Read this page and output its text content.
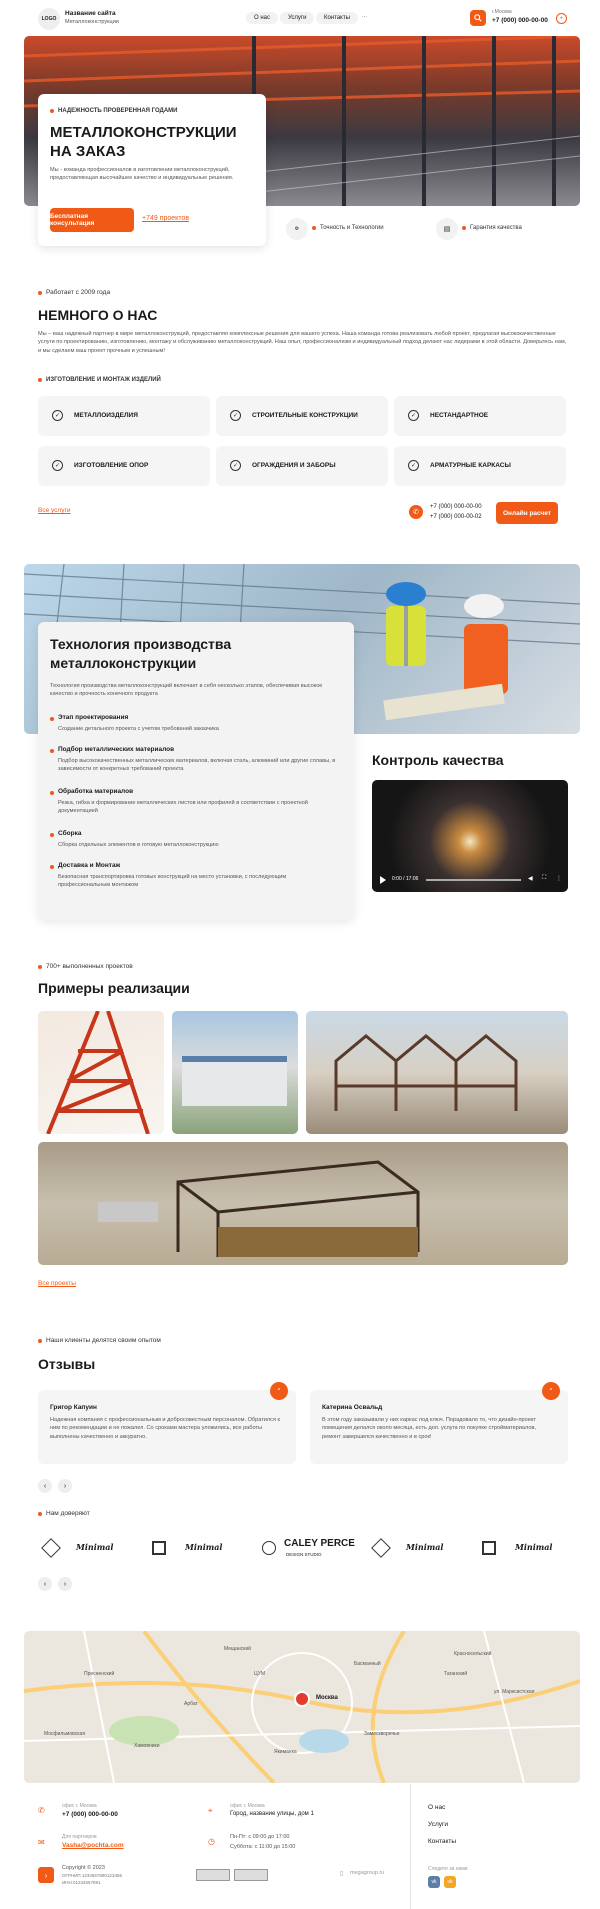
LOGO
Название сайта
Металлоконструкции
О нас	Услуги	Контакты	...
г.Москва
+7 (000) 000-00-00	+
НАДЕЖНОСТЬ ПРОВЕРЕННАЯ ГОДАМИ
МЕТАЛЛОКОНСТРУКЦИИ
НА ЗАКАЗ
Мы - команда профессионалов в изготовлении металлоконструкций, предоставляющая высочайшее качество и индивидуальные решения.
Бесплатная консультация
+749 проектов
⚙	Точность и Технологии	▤	Гарантия качества
Работает с 2009 года
НЕМНОГО О НАС
Мы – ваш надежный партнер в мире металлоконструкций, предоставляя комплексные решения для вашего успеха. Наша команда готова реализовать любой проект, предлагая высококачественные услуги по проектированию, изготовлению, монтажу и обслуживанию металлоконструкций. Наш опыт, профессионализм и индивидуальный подход делают нас лидерами в этой области. Доверьтесь нам, и мы сделаем ваш проект прочным и успешным!
ИЗГОТОВЛЕНИЕ И МОНТАЖ ИЗДЕЛИЙ
✓	МЕТАЛЛОИЗДЕЛИЯ	✓	СТРОИТЕЛЬНЫЕ КОНСТРУКЦИИ	✓	НЕСТАНДАРТНОЕ
✓	ИЗГОТОВЛЕНИЕ ОПОР	✓	ОГРАЖДЕНИЯ И ЗАБОРЫ	✓	АРМАТУРНЫЕ КАРКАСЫ
Все услуги	✆
+7 (000) 000-00-00
+7 (000) 000-00-02
Онлайн расчет
Технология производства
металлоконструкции
Технология производства металлоконструкций включает в себя несколько этапов, обеспечивая высокое качество и прочность конечного продукта
Этап проектирования
Создание детального проекта с учетом требований заказчика
Подбор металлических материалов
Подбор высококачественных металлических материалов, включая сталь, алюминий или другие сплавы, в зависимости от конкретных требований проекта
Обработка материалов
Резка, гибка и формирование металлических листов или профилей в соответствии с проектной документацией
Сборка
Сборка отдельных элементов в готовую металлоконструкцию
Доставка и Монтаж
Безопасная транспортировка готовых конструкций на место установки, с последующим профессиональным монтажом
Контроль качества
0:00 / 17:06	◀ ⛶ ⋮
700+ выполненных проектов
Примеры реализации
Все проекты
Наши клиенты делятся своим опытом
Отзывы
Григор Капуин
Надежная компания с профессиональным и добросовестным персоналом. Обратился к ним по рекомендации и не пожалел. Со сроками мастера уложились, все работы выполнены качественно и аккуратно.
“
Катерина Освальд
В этом году заказывали у них каркас под ключ. Порадовало то, что дизайн-проект помещения делался около месяца, есть доп. услуга по покупке стройматериалов, ремонт завершился качественно и в срок!
“
‹	›
Нам доверяют
Minimal	Minimal	CALEY PERCE
DESIGN STUDIO
Minimal	Minimal
‹	›
Москва
Таганский
Басманный
Арбат
Якиманка
Пресненский
Хамовники
Замоскворечье
ЦУМ
Мещанский
Красносельский
ул. Марксистская
Мосфильмовская
✆	офис г. Москва
+7 (000) 000-00-00
✉
Для партнеров
Vasha@pochta.com
⌖	офис г. Москва
Город, название улицы, дом 1
◷	Пн-Пт: с 09:00 до 17:00
Суббота: с 11:00 до 15:00
О нас
Услуги
Контакты
›
Copyright © 2023
ОГРНИП 1234567890123456
ИНН 01234567891
▯ megagroup.ru
Следите за нами
vk	ok
